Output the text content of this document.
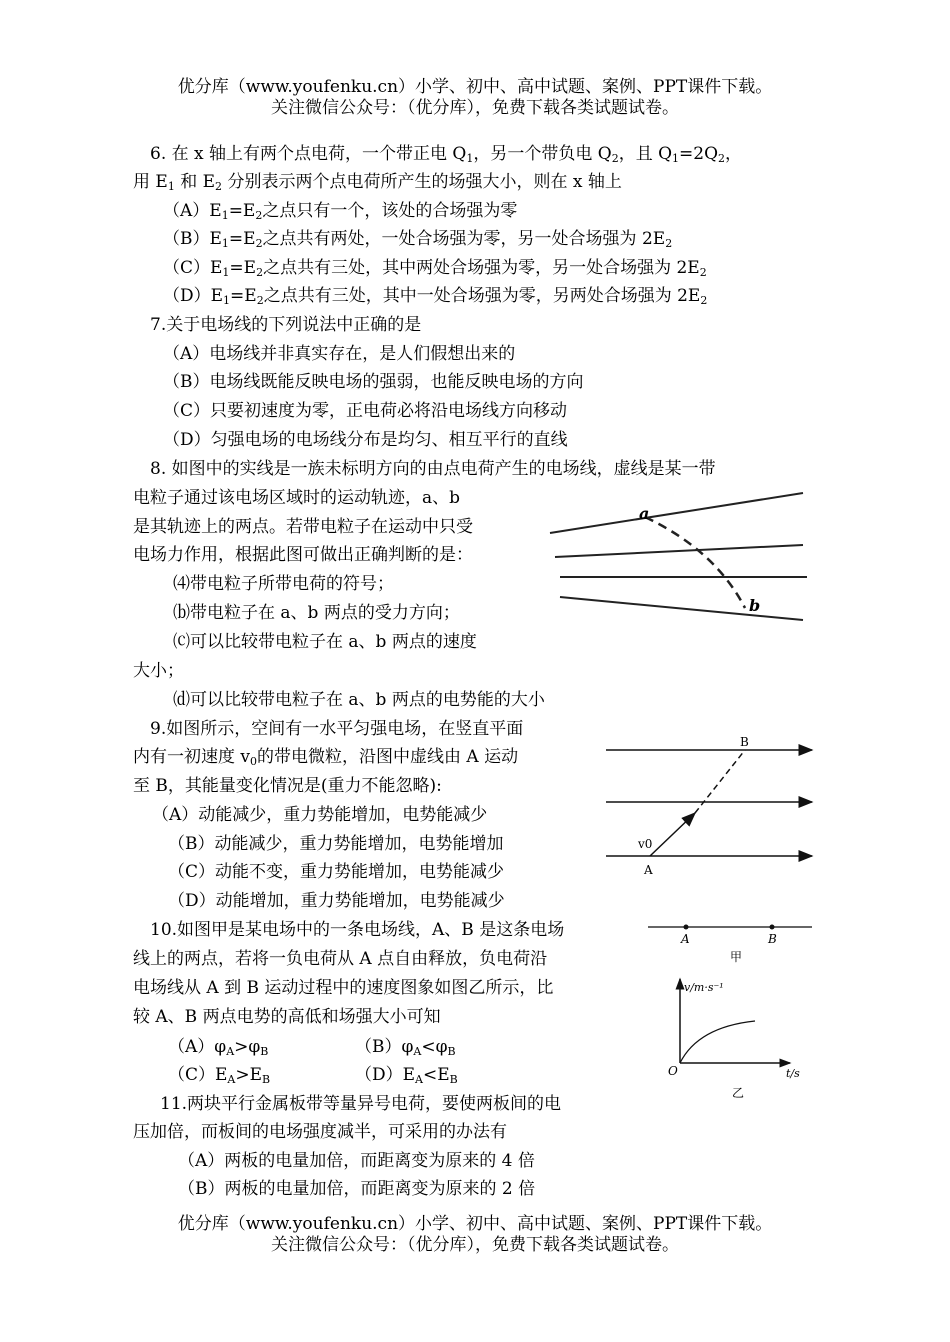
优分库（www.youfenku.cn）小学、初中、高中试题、案例、PPT课件下载。
关注微信公众号：（优分库），免费下载各类试题试卷。
6. 在 x 轴上有两个点电荷，一个带正电 $Q_1$，另一个带负电 $Q_2$，且 $Q_1=2Q_2$，
用 $E_1$ 和 $E_2$ 分别表示两个点电荷所产生的场强大小，则在 x 轴上
$(A)E_1=E_2$之点只有一个，该处的合场强为零
$(B)E_1=E_2$之点共有两处，一处合场强为零，另一处合场强为 $2E_2$
$(C)E_1=E_2$之点共有三处，其中两处合场强为零，另一处合场强为 $2E_2$
$(D)E_1=E_2$之点共有三处，其中一处合场强为零，另两处合场强为 $2E_2$
7.关于电场线的下列说法中正确的是
（A）电场线并非真实存在，是人们假想出来的
（B）电场线既能反映电场的强弱，也能反映电场的方向
（C）只要初速度为零，正电荷必将沿电场线方向移动
（D）匀强电场的电场线分布是均匀、相互平行的直线
8. 如图中的实线是一族未标明方向的由点电荷产生的电场线，虚线是某一带
电粒子通过该电场区域时的运动轨迹，a、b
是其轨迹上的两点。若带电粒子在运动中只受
电场力作用，根据此图可做出正确判断的是：
⑷带电粒子所带电荷的符号；
⒝带电粒子在 a、b 两点的受力方向；
⒞可以比较带电粒子在 a、b 两点的速度
大小；
⒟可以比较带电粒子在 a、b 两点的电势能的大小
a
b
9.如图所示，空间有一水平匀强电场，在竖直平面
内有一初速度 $v_0$的带电微粒，沿图中虚线由 A 运动
至 B，其能量变化情况是(重力不能忽略):
（A）动能减少，重力势能增加，电势能减少
（B）动能减少，重力势能增加，电势能增加
（C）动能不变，重力势能增加，电势能减少
（D）动能增加，重力势能增加，电势能减少
B
A
v0
10.如图甲是某电场中的一条电场线，A、B 是这条电场
线上的两点，若将一负电荷从 A 点自由释放，负电荷沿
电场线从 A 到 B 运动过程中的速度图象如图乙所示，比
较 A、B 两点电势的高低和场强大小可知
$(A)\varphi_A>\varphi_B$	$(B)\varphi_A<\varphi_B$
$(C)E_A>E_B$	$(D)E_A<E_B$
A	B
甲
v/m·s⁻¹
t/s
O
乙
11.两块平行金属板带等量异号电荷，要使两板间的电
压加倍，而板间的电场强度减半，可采用的办法有
（A）两板的电量加倍，而距离变为原来的 4 倍
（B）两板的电量加倍，而距离变为原来的 2 倍
优分库（www.youfenku.cn）小学、初中、高中试题、案例、PPT课件下载。
关注微信公众号：（优分库），免费下载各类试题试卷。
